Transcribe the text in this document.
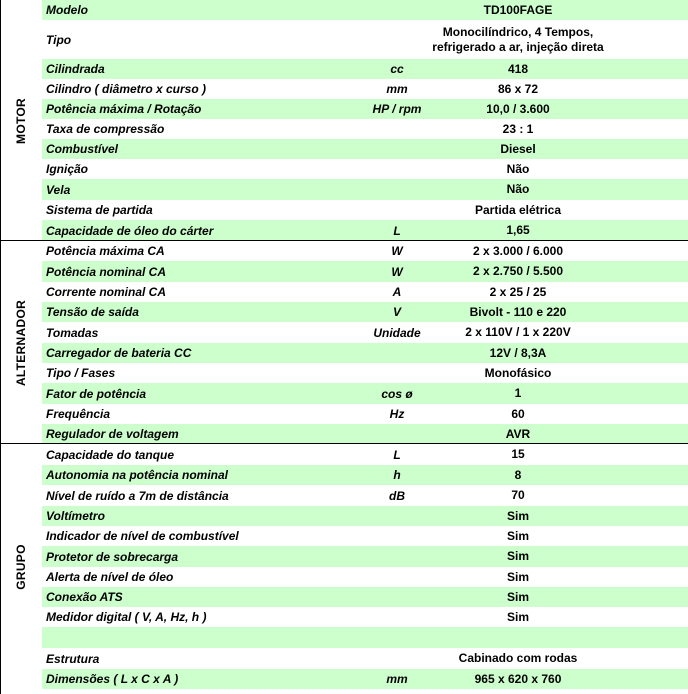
MOTOR
Modelo	TD100FAGE
Tipo
Monocilíndrico, 4 Tempos,
refrigerado a ar, injeção direta
Cilindrada	cc	418
Cilindro ( diâmetro x curso )	mm	86 x 72
Potência máxima / Rotação	HP / rpm	10,0 / 3.600
Taxa de compressão	23 : 1
Combustível	Diesel
Ignição	Não
Vela	Não
Sistema de partida	Partida elétrica
Capacidade de óleo do cárter	L	1,65
ALTERNADOR
Potência máxima CA	W	2 x 3.000 / 6.000
Potência nominal CA	W	2 x 2.750 / 5.500
Corrente nominal CA	A	2 x 25 / 25
Tensão de saída	V	Bivolt - 110 e 220
Tomadas	Unidade	2 x 110V / 1 x 220V
Carregador de bateria CC	12V / 8,3A
Tipo / Fases	Monofásico
Fator de potência	cos ø	1
Frequência	Hz	60
Regulador de voltagem	AVR
GRUPO
Capacidade do tanque	L	15
Autonomia na potência nominal	h	8
Nível de ruído a 7m de distância	dB	70
Voltímetro	Sim
Indicador de nível de combustível	Sim
Protetor de sobrecarga	Sim
Alerta de nível de óleo	Sim
Conexão ATS	Sim
Medidor digital ( V, A, Hz, h )	Sim
Estrutura	Cabinado com rodas
Dimensões ( L x C x A )	mm	965 x 620 x 760
